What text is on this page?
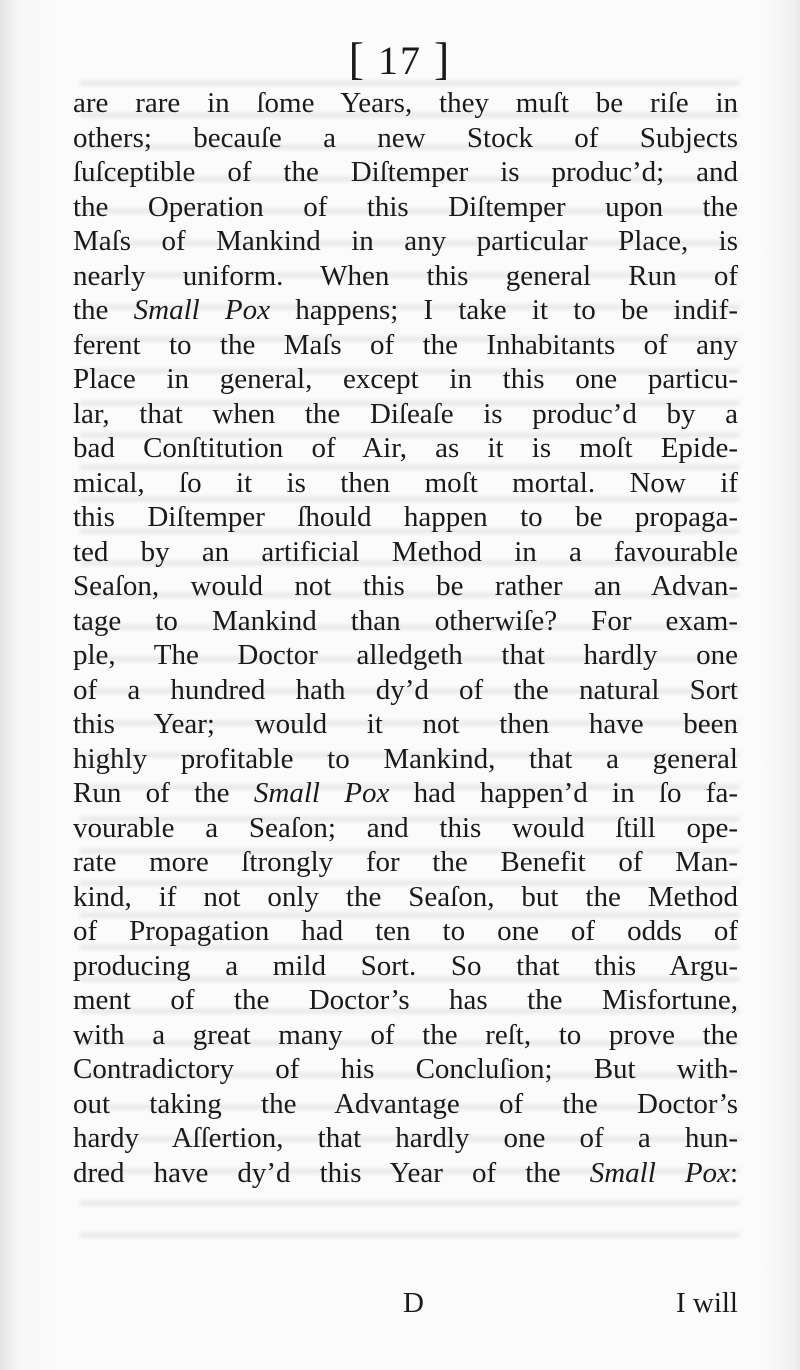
[ 17 ]
are rare in ſome Years, they muſt be riſe in
others; becauſe a new Stock of Subjects
ſuſceptible of the Diſtemper is produc’d; and
the Operation of this Diſtemper upon the
Maſs of Mankind in any particular Place, is
nearly uniform. When this general Run of
the Small Pox happens; I take it to be indif-
ferent to the Maſs of the Inhabitants of any
Place in general, except in this one particu-
lar, that when the Diſeaſe is produc’d by a
bad Conſtitution of Air, as it is moſt Epide-
mical, ſo it is then moſt mortal. Now if
this Diſtemper ſhould happen to be propaga-
ted by an artificial Method in a favourable
Seaſon, would not this be rather an Advan-
tage to Mankind than otherwiſe? For exam-
ple, The Doctor alledgeth that hardly one
of a hundred hath dy’d of the natural Sort
this Year; would it not then have been
highly profitable to Mankind, that a general
Run of the Small Pox had happen’d in ſo fa-
vourable a Seaſon; and this would ſtill ope-
rate more ſtrongly for the Benefit of Man-
kind, if not only the Seaſon, but the Method
of Propagation had ten to one of odds of
producing a mild Sort. So that this Argu-
ment of the Doctor’s has the Misfortune,
with a great many of the reſt, to prove the
Contradictory of his Concluſion; But with-
out taking the Advantage of the Doctor’s
hardy Aſſertion, that hardly one of a hun-
dred have dy’d this Year of the Small Pox:
D	I will
